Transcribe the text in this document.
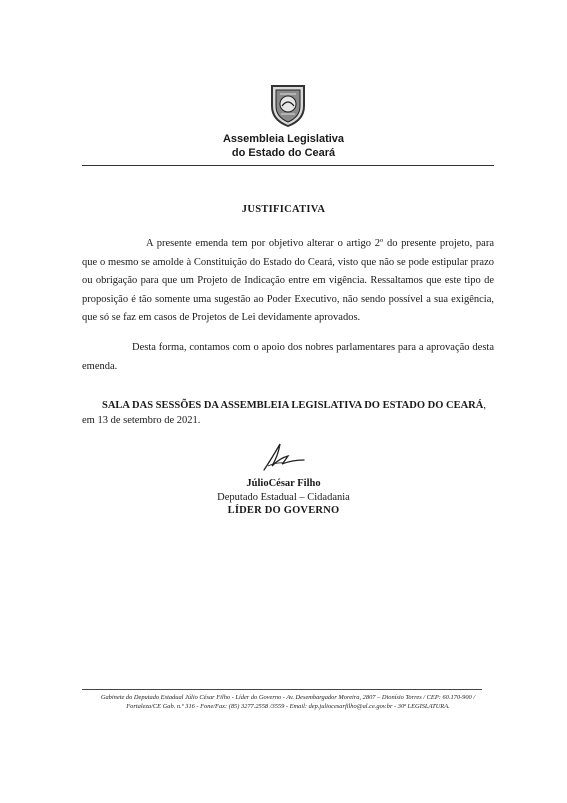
Assembleia Legislativa
do Estado do Ceará
JUSTIFICATIVA
A presente emenda tem por objetivo alterar o artigo 2º do presente projeto, para que o mesmo se amolde à Constituição do Estado do Ceará, visto que não se pode estipular prazo ou obrigação para que um Projeto de Indicação entre em vigência. Ressaltamos que este tipo de proposição é tão somente uma sugestão ao Poder Executivo, não sendo possível a sua exigência, que só se faz em casos de Projetos de Lei devidamente aprovados.
Desta forma, contamos com o apoio dos nobres parlamentares para a aprovação desta emenda.
SALA DAS SESSÕES DA ASSEMBLEIA LEGISLATIVA DO ESTADO DO CEARÁ, em 13 de setembro de 2021.
JúlioCésar Filho
Deputado Estadual – Cidadania
LÍDER DO GOVERNO
Gabinete do Deputado Estadual Júlio César Filho - Líder do Governo - Av. Desembargador Moreira, 2807 – Dionísio Torres / CEP: 60.170-900 /
Fortaleza/CE Gab. n.º 316 - Fone/Fax: (85) 3277.2558 /3559 - Email: dep.juliocesarfilho@al.ce.gov.br - 30ª LEGISLATURA.
